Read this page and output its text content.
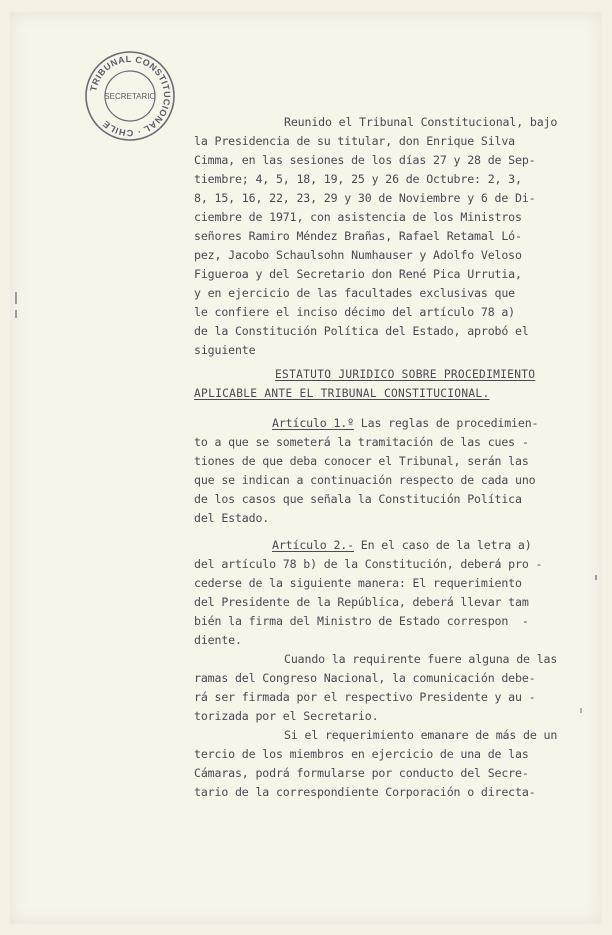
TRIBUNAL CONSTITUCIONAL · CHILE
SECRETARIO

Reunido el Tribunal Constitucional, bajo

la Presidencia de su titular, don Enrique Silva

Cimma, en las sesiones de los días 27 y 28 de Sep-

tiembre; 4, 5, 18, 19, 25 y 26 de Octubre: 2, 3,

8, 15, 16, 22, 23, 29 y 30 de Noviembre y 6 de Di-

ciembre de 1971, con asistencia de los Ministros

señores Ramiro Méndez Brañas, Rafael Retamal Ló-

pez, Jacobo Schaulsohn Numhauser y Adolfo Veloso

Figueroa y del Secretario don René Pica Urrutia,

y en ejercicio de las facultades exclusivas que

le confiere el inciso décimo del artículo 78 a)

de la Constitución Política del Estado, aprobó el

siguiente

ESTATUTO JURIDICO SOBRE PROCEDIMIENTO

APLICABLE ANTE EL TRIBUNAL CONSTITUCIONAL.

Artículo 1.º Las reglas de procedimien-

to a que se someterá la tramitación de las cues -

tiones de que deba conocer el Tribunal, serán las

que se indican a continuación respecto de cada uno

de los casos que señala la Constitución Política

del Estado.

Artículo 2.- En el caso de la letra a)

del artículo 78 b) de la Constitución, deberá pro -

cederse de la siguiente manera: El requerimiento

del Presidente de la República, deberá llevar tam

bién la firma del Ministro de Estado correspon  -

diente.

Cuando la requirente fuere alguna de las

ramas del Congreso Nacional, la comunicación debe-

rá ser firmada por el respectivo Presidente y au -

torizada por el Secretario.

Si el requerimiento emanare de más de un

tercio de los miembros en ejercicio de una de las

Cámaras, podrá formularse por conducto del Secre-

tario de la correspondiente Corporación o directa-
